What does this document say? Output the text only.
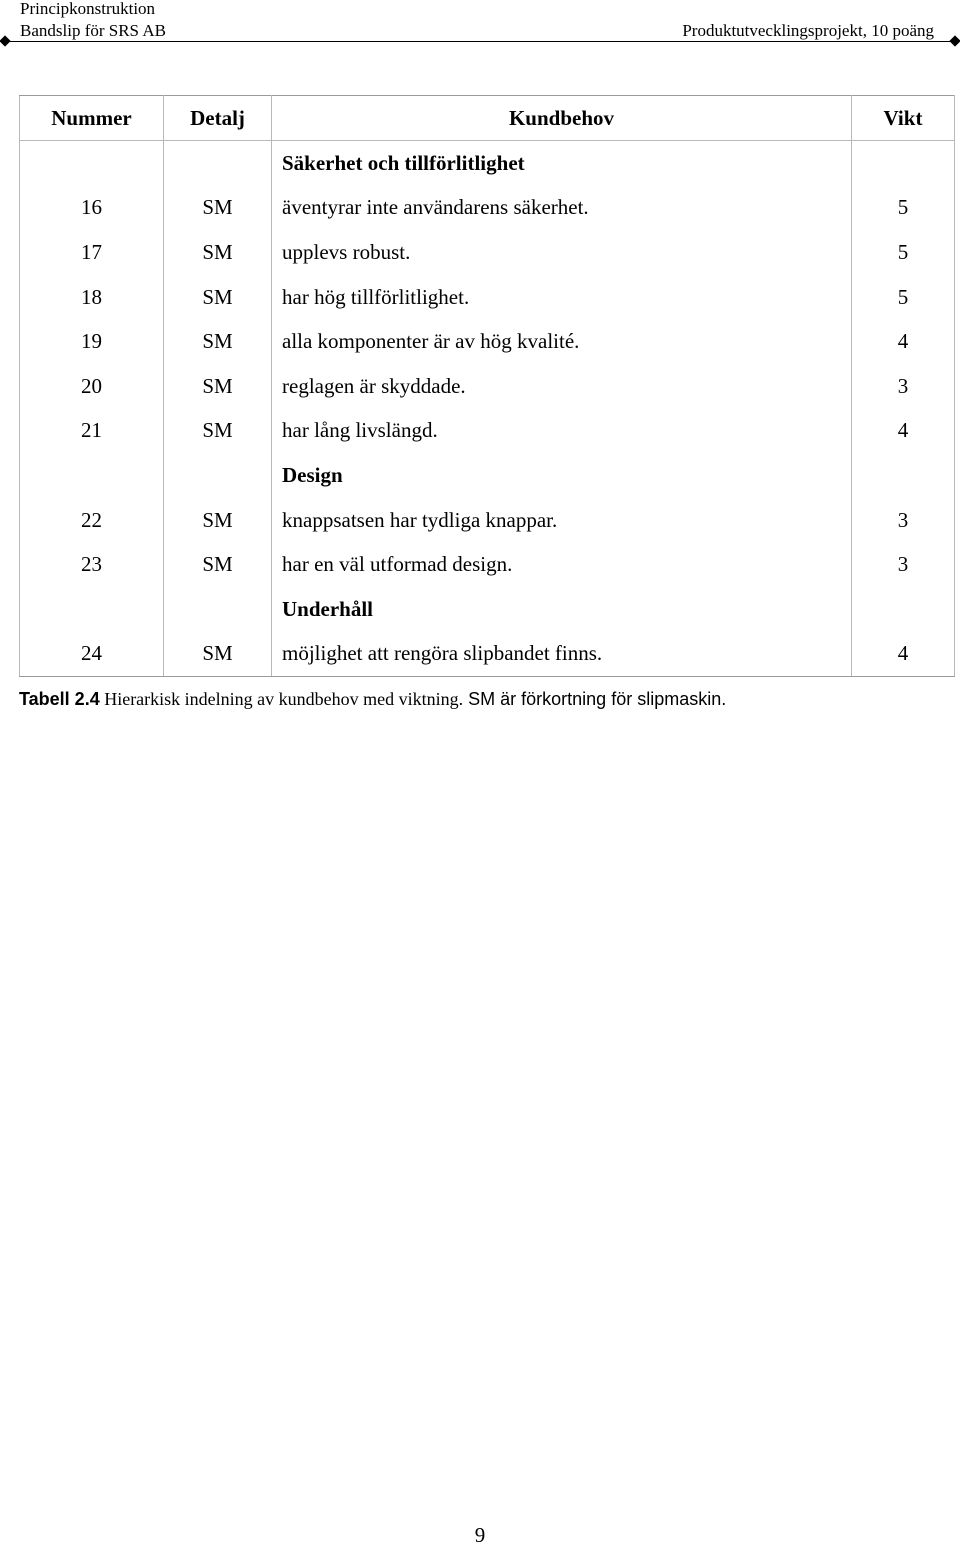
Principkonstruktion
Bandslip för SRS AB	Produktutvecklingsprojekt, 10 poäng
Nummer	Detalj	Kundbehov	Vikt
		Säkerhet och tillförlitlighet	
16	SM	äventyrar inte användarens säkerhet.	5
17	SM	upplevs robust.	5
18	SM	har hög tillförlitlighet.	5
19	SM	alla komponenter är av hög kvalité.	4
20	SM	reglagen är skyddade.	3
21	SM	har lång livslängd.	4
		Design	
22	SM	knappsatsen har tydliga knappar.	3
23	SM	har en väl utformad design.	3
		Underhåll	
24	SM	möjlighet att rengöra slipbandet finns.	4
Tabell 2.4 Hierarkisk indelning av kundbehov med viktning. SM är förkortning för slipmaskin.
9
